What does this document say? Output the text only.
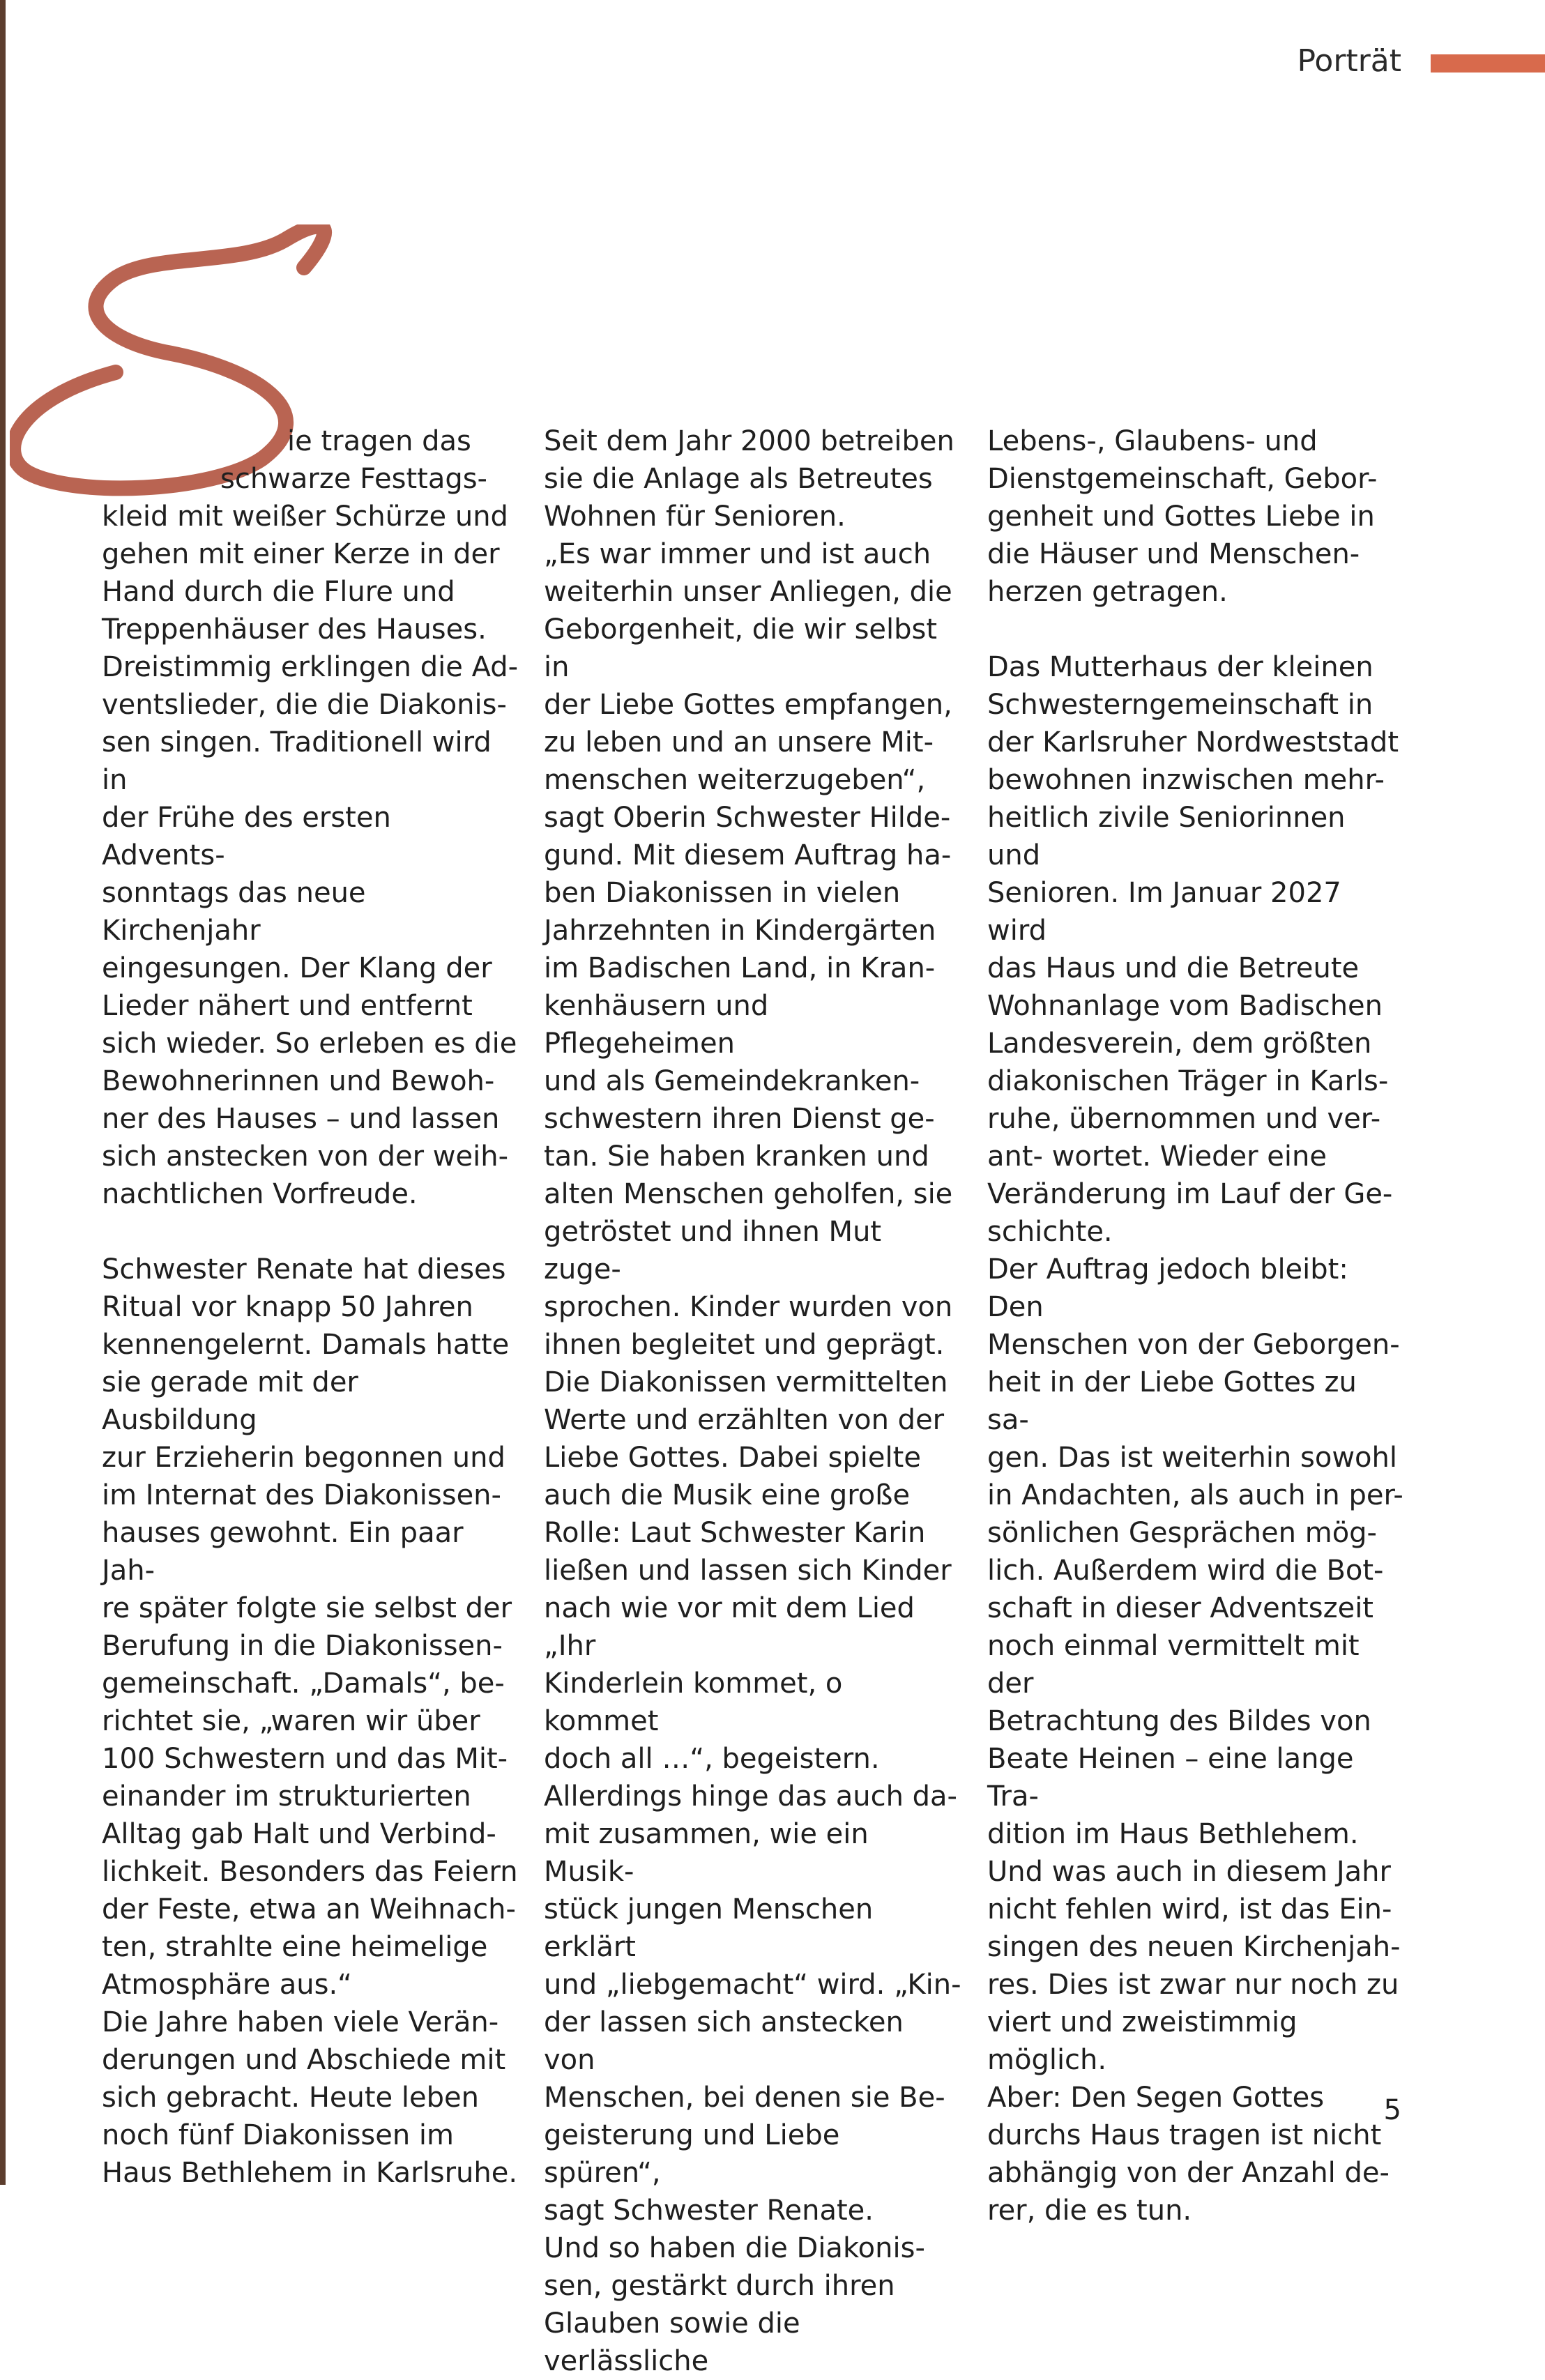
Porträt

ie tragen das
schwarze Festtags-
kleid mit weißer Schürze und
gehen mit einer Kerze in der
Hand durch die Flure und
Treppenhäuser des Hauses.
Dreistimmig erklingen die Ad-
ventslieder, die die Diakonis-
sen singen. Traditionell wird in
der Frühe des ersten Advents-
sonntags das neue Kirchenjahr
eingesungen. Der Klang der
Lieder nähert und entfernt
sich wieder. So erleben es die
Bewohnerinnen und Bewoh-
ner des Hauses – und lassen
sich anstecken von der weih-
nachtlichen Vorfreude.

Schwester Renate hat dieses
Ritual vor knapp 50 Jahren
kennengelernt. Damals hatte
sie gerade mit der Ausbildung
zur Erzieherin begonnen und
im Internat des Diakonissen-
hauses gewohnt. Ein paar Jah-
re später folgte sie selbst der
Berufung in die Diakonissen-
gemeinschaft. „Damals“, be-
richtet sie, „waren wir über
100 Schwestern und das Mit-
einander im strukturierten
Alltag gab Halt und Verbind-
lichkeit. Besonders das Feiern
der Feste, etwa an Weihnach-
ten, strahlte eine heimelige
Atmosphäre aus.“
Die Jahre haben viele Verän-
derungen und Abschiede mit
sich gebracht. Heute leben
noch fünf Diakonissen im
Haus Bethlehem in Karlsruhe.

Seit dem Jahr 2000 betreiben
sie die Anlage als Betreutes
Wohnen für Senioren.
„Es war immer und ist auch
weiterhin unser Anliegen, die
Geborgenheit, die wir selbst in
der Liebe Gottes empfangen,
zu leben und an unsere Mit-
menschen weiterzugeben“,
sagt Oberin Schwester Hilde-
gund. Mit diesem Auftrag ha-
ben Diakonissen in vielen
Jahrzehnten in Kindergärten
im Badischen Land, in Kran-
kenhäusern und Pflegeheimen
und als Gemeindekranken-
schwestern ihren Dienst ge-
tan. Sie haben kranken und
alten Menschen geholfen, sie
getröstet und ihnen Mut zuge-
sprochen. Kinder wurden von
ihnen begleitet und geprägt.
Die Diakonissen vermittelten
Werte und erzählten von der
Liebe Gottes. Dabei spielte
auch die Musik eine große
Rolle: Laut Schwester Karin
ließen und lassen sich Kinder
nach wie vor mit dem Lied „Ihr
Kinderlein kommet, o kommet
doch all …“, begeistern.
Allerdings hinge das auch da-
mit zusammen, wie ein Musik-
stück jungen Menschen erklärt
und „liebgemacht“ wird. „Kin-
der lassen sich anstecken von
Menschen, bei denen sie Be-
geisterung und Liebe spüren“,
sagt Schwester Renate.
Und so haben die Diakonis-
sen, gestärkt durch ihren
Glauben sowie die verlässliche

Lebens-, Glaubens- und
Dienstgemeinschaft, Gebor-
genheit und Gottes Liebe in
die Häuser und Menschen-
herzen getragen.

Das Mutterhaus der kleinen
Schwesterngemeinschaft in
der Karlsruher Nordweststadt
bewohnen inzwischen mehr-
heitlich zivile Seniorinnen und
Senioren. Im Januar 2027 wird
das Haus und die Betreute
Wohnanlage vom Badischen
Landesverein, dem größten
diakonischen Träger in Karls-
ruhe, übernommen und ver-
ant- wortet. Wieder eine
Veränderung im Lauf der Ge-
schichte.
Der Auftrag jedoch bleibt: Den
Menschen von der Geborgen-
heit in der Liebe Gottes zu sa-
gen. Das ist weiterhin sowohl
in Andachten, als auch in per-
sönlichen Gesprächen mög-
lich. Außerdem wird die Bot-
schaft in dieser Adventszeit
noch einmal vermittelt mit der
Betrachtung des Bildes von
Beate Heinen – eine lange Tra-
dition im Haus Bethlehem.
Und was auch in diesem Jahr
nicht fehlen wird, ist das Ein-
singen des neuen Kirchenjah-
res. Dies ist zwar nur noch zu
viert und zweistimmig möglich.
Aber: Den Segen Gottes
durchs Haus tragen ist nicht
abhängig von der Anzahl de-
rer, die es tun.

5
